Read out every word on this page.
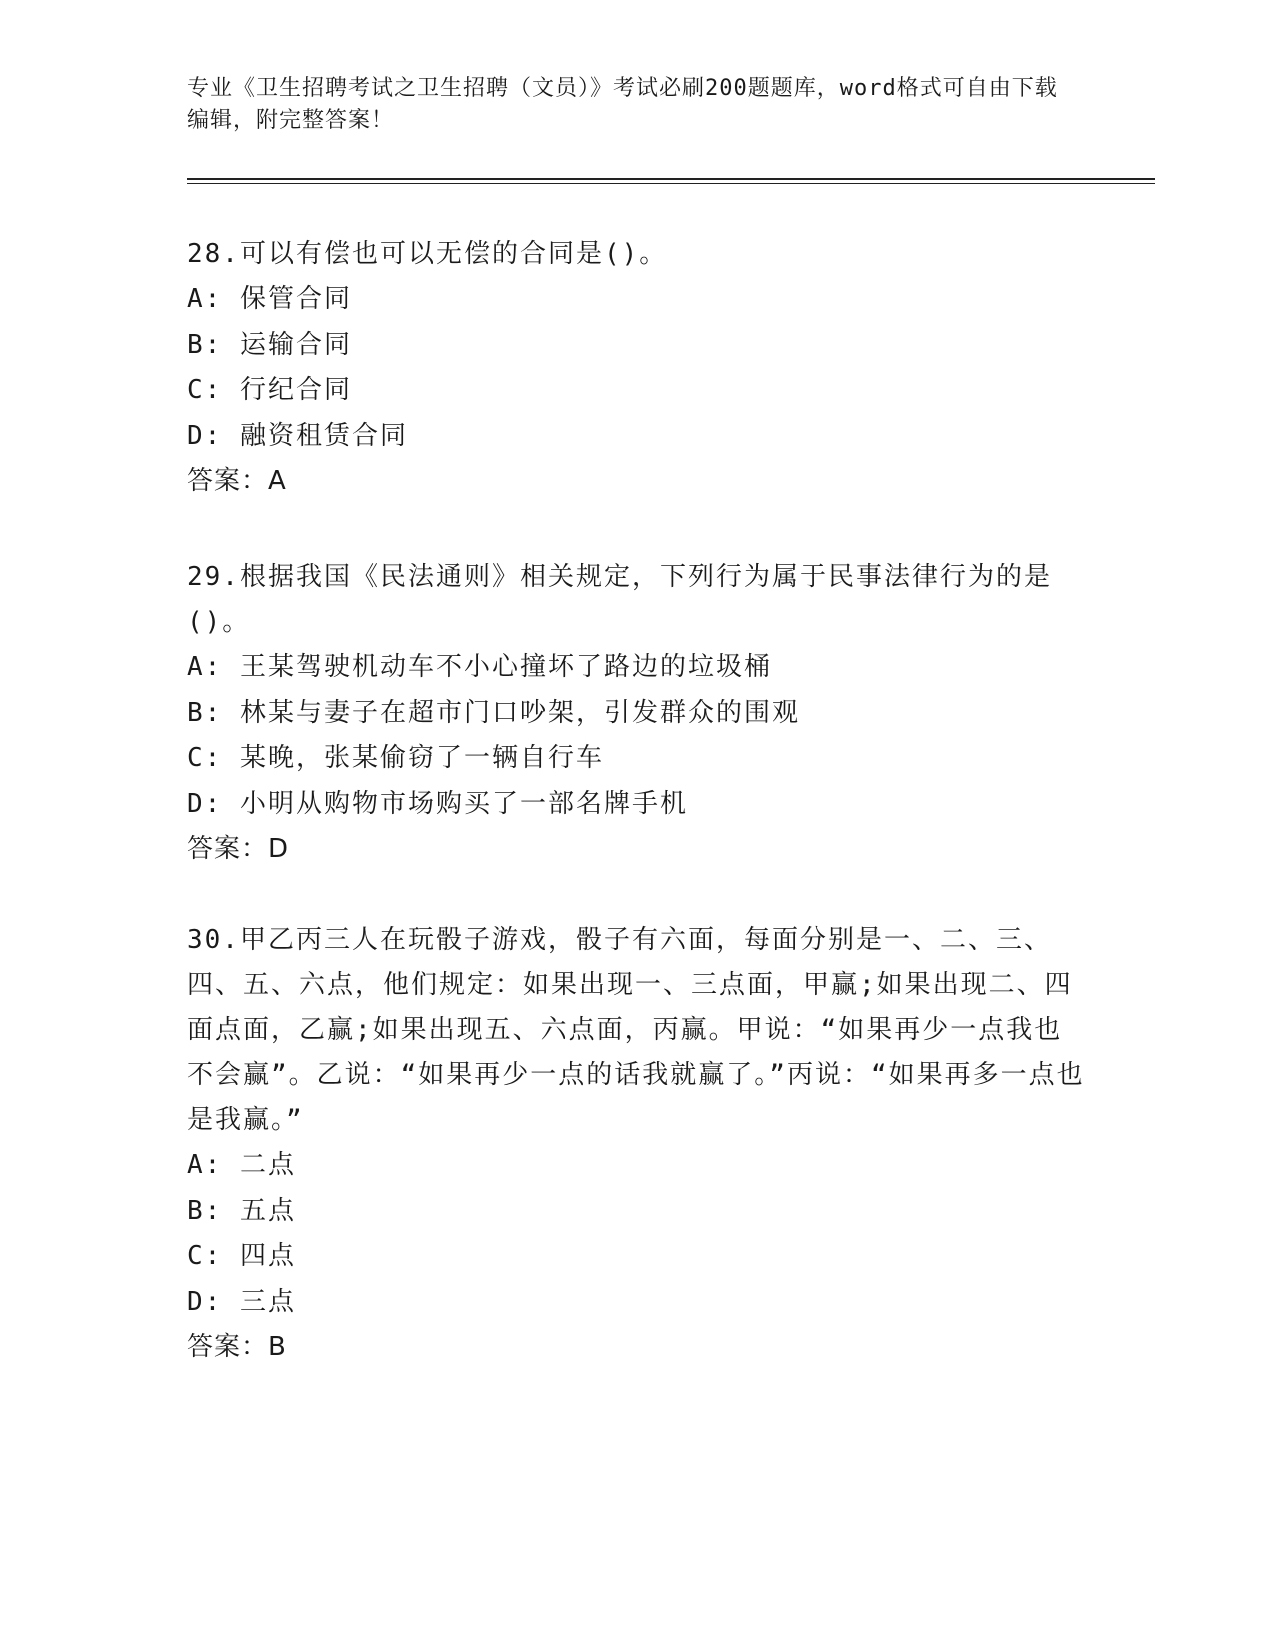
专业《卫生招聘考试之卫生招聘（文员）》考试必刷200题题库，word格式可自由下载编辑，附完整答案！
28.可以有偿也可以无偿的合同是()。
A: 保管合同
B: 运输合同
C: 行纪合同
D: 融资租赁合同
答案：A
29.根据我国《民法通则》相关规定，下列行为属于民事法律行为的是()。
A: 王某驾驶机动车不小心撞坏了路边的垃圾桶
B: 林某与妻子在超市门口吵架，引发群众的围观
C: 某晚，张某偷窃了一辆自行车
D: 小明从购物市场购买了一部名牌手机
答案：D
30.甲乙丙三人在玩骰子游戏，骰子有六面，每面分别是一、二、三、四、五、六点，他们规定：如果出现一、三点面，甲赢;如果出现二、四面点面，乙赢;如果出现五、六点面，丙赢。甲说：“如果再少一点我也不会赢”。乙说：“如果再少一点的话我就赢了。”丙说：“如果再多一点也是我赢。”
A: 二点
B: 五点
C: 四点
D: 三点
答案：B
